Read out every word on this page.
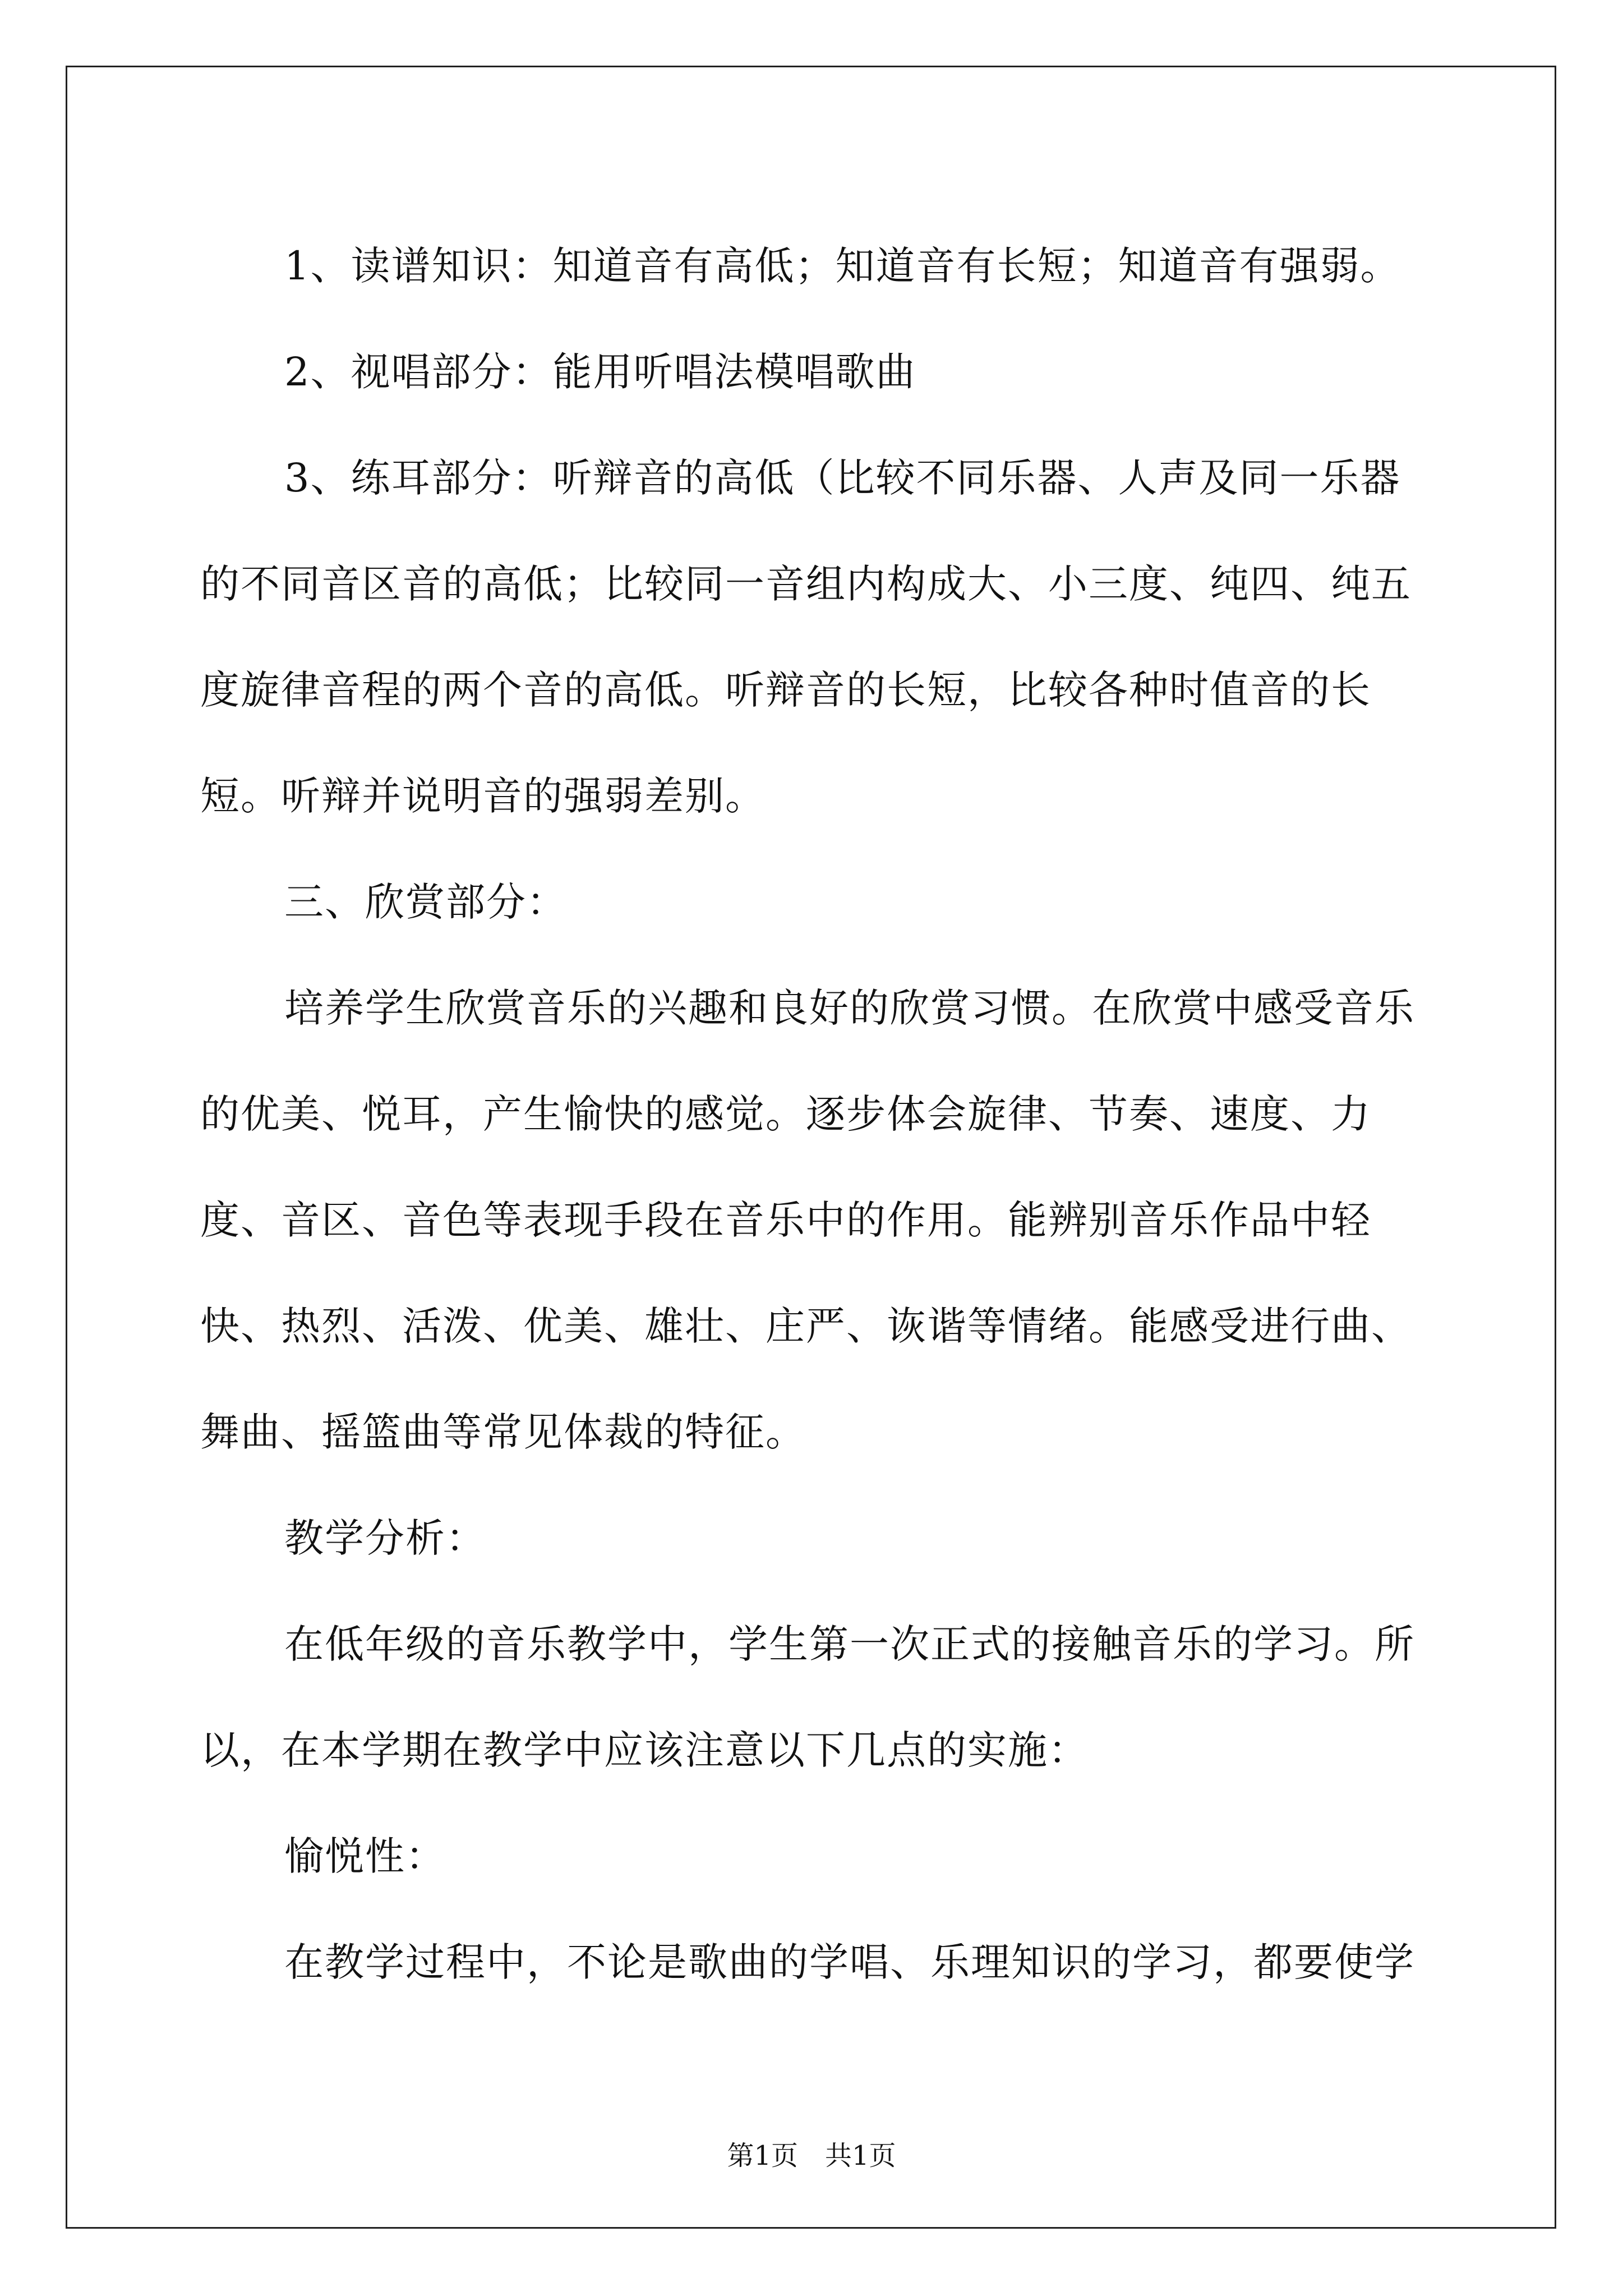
1、读谱知识：知道音有高低；知道音有长短；知道音有强弱。

2、视唱部分：能用听唱法模唱歌曲

3、练耳部分：听辩音的高低（比较不同乐器、人声及同一乐器的不同音区音的高低；比较同一音组内构成大、小三度、纯四、纯五度旋律音程的两个音的高低。听辩音的长短，比较各种时值音的长短。听辩并说明音的强弱差别。

三、欣赏部分：

培养学生欣赏音乐的兴趣和良好的欣赏习惯。在欣赏中感受音乐的优美、悦耳，产生愉快的感觉。逐步体会旋律、节奏、速度、力度、音区、音色等表现手段在音乐中的作用。能辨别音乐作品中轻快、热烈、活泼、优美、雄壮、庄严、诙谐等情绪。能感受进行曲、舞曲、摇篮曲等常见体裁的特征。

教学分析：

在低年级的音乐教学中，学生第一次正式的接触音乐的学习。所以，在本学期在教学中应该注意以下几点的实施：

愉悦性：

在教学过程中，不论是歌曲的学唱、乐理知识的学习，都要使学

第1页　共1页
